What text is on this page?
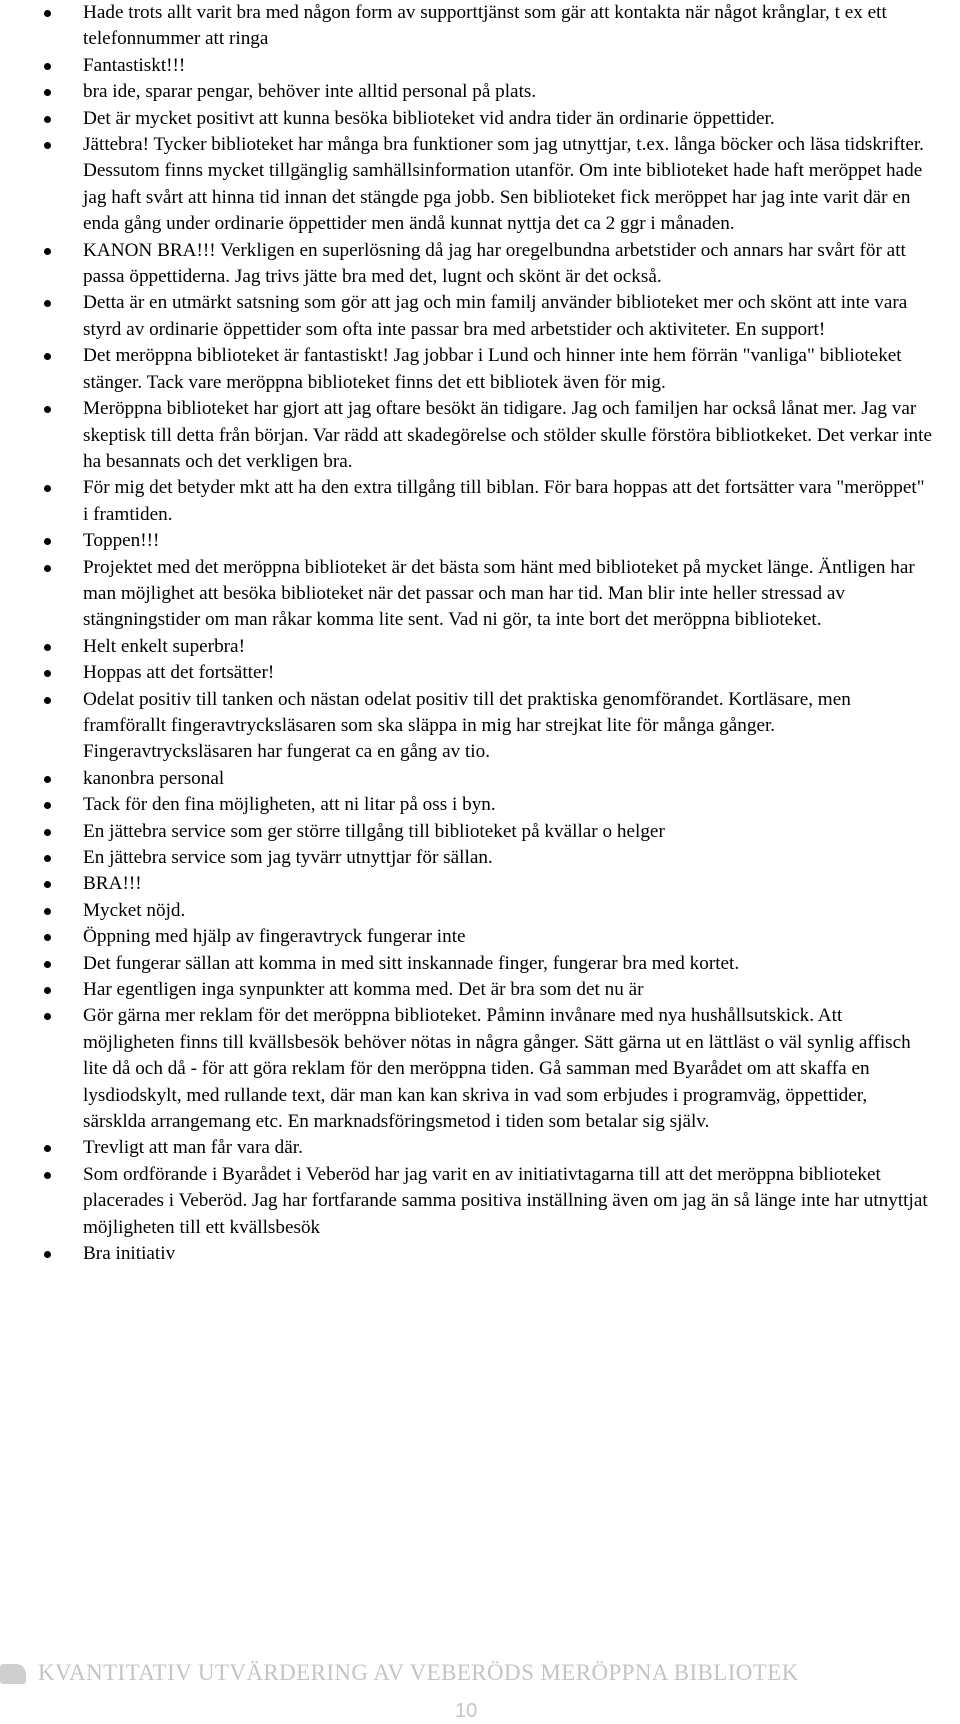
Hade trots allt varit bra med någon form av supporttjänst som gär att kontakta när något krånglar, t ex ett telefonnummer att ringa
Fantastiskt!!!
bra ide, sparar pengar, behöver inte alltid personal på plats.
Det är mycket positivt att kunna besöka biblioteket vid andra tider än ordinarie öppettider.
Jättebra! Tycker biblioteket har många bra funktioner som jag utnyttjar, t.ex. långa böcker och läsa tidskrifter. Dessutom finns mycket tillgänglig samhällsinformation utanför. Om inte biblioteket hade haft meröppet hade jag haft svårt att hinna tid innan det stängde pga jobb. Sen biblioteket fick meröppet har jag inte varit där en enda gång under ordinarie öppettider men ändå kunnat nyttja det ca 2 ggr i månaden.
KANON BRA!!! Verkligen en superlösning då jag har oregelbundna arbetstider och annars har svårt för att passa öppettiderna. Jag trivs jätte bra med det, lugnt och skönt är det också.
Detta är en utmärkt satsning som gör att jag och min familj använder biblioteket mer och skönt att inte vara styrd av ordinarie öppettider som ofta inte passar bra med arbetstider och aktiviteter. En support!
Det meröppna biblioteket är fantastiskt! Jag jobbar i Lund och hinner inte hem förrän "vanliga" biblioteket stänger. Tack vare meröppna biblioteket finns det ett bibliotek även för mig.
Meröppna biblioteket har gjort att jag oftare besökt än tidigare. Jag och familjen har också lånat mer. Jag var skeptisk till detta från början. Var rädd att skadegörelse och stölder skulle förstöra bibliotkeket. Det verkar inte ha besannats och det verkligen bra.
För mig det betyder mkt att ha den extra tillgång till biblan. För bara hoppas att det fortsätter vara "meröppet" i framtiden.
Toppen!!!
Projektet med det meröppna biblioteket är det bästa som hänt med biblioteket på mycket länge. Äntligen har man möjlighet att besöka biblioteket när det passar och man har tid. Man blir inte heller stressad av stängningstider om man råkar komma lite sent. Vad ni gör, ta inte bort det meröppna biblioteket.
Helt enkelt superbra!
Hoppas att det fortsätter!
Odelat positiv till tanken och nästan odelat positiv till det praktiska genomförandet. Kortläsare, men framförallt fingeravtrycksläsaren som ska släppa in mig har strejkat lite för många gånger. Fingeravtrycksläsaren har fungerat ca en gång av tio.
kanonbra personal
Tack för den fina möjligheten, att ni litar på oss i byn.
En jättebra service som ger större tillgång till biblioteket på kvällar o helger
En jättebra service som jag tyvärr utnyttjar för sällan.
BRA!!!
Mycket nöjd.
Öppning med hjälp av fingeravtryck fungerar inte
Det fungerar sällan att komma in med sitt inskannade finger, fungerar bra med kortet.
Har egentligen inga synpunkter att komma med. Det är bra som det nu är
Gör gärna mer reklam för det meröppna biblioteket. Påminn invånare med nya hushållsutskick. Att möjligheten finns till kvällsbesök behöver nötas in några gånger. Sätt gärna ut en lättläst o väl synlig affisch lite då och då - för att göra reklam för den meröppna tiden. Gå samman med Byarådet om att skaffa en lysdiodskylt, med rullande text, där man kan kan skriva in vad som erbjudes i programväg, öppettider, särsklda arrangemang etc. En marknadsföringsmetod i tiden som betalar sig själv.
Trevligt att man får vara där.
Som ordförande i Byarådet i Veberöd har jag varit en av initiativtagarna till att det meröppna biblioteket placerades i Veberöd. Jag har fortfarande samma positiva inställning även om jag än så länge inte har utnyttjat möjligheten till ett kvällsbesök
Bra initiativ
KVANTITATIV UTVÄRDERING AV VEBERÖDS MERÖPPNA BIBLIOTEK
10
